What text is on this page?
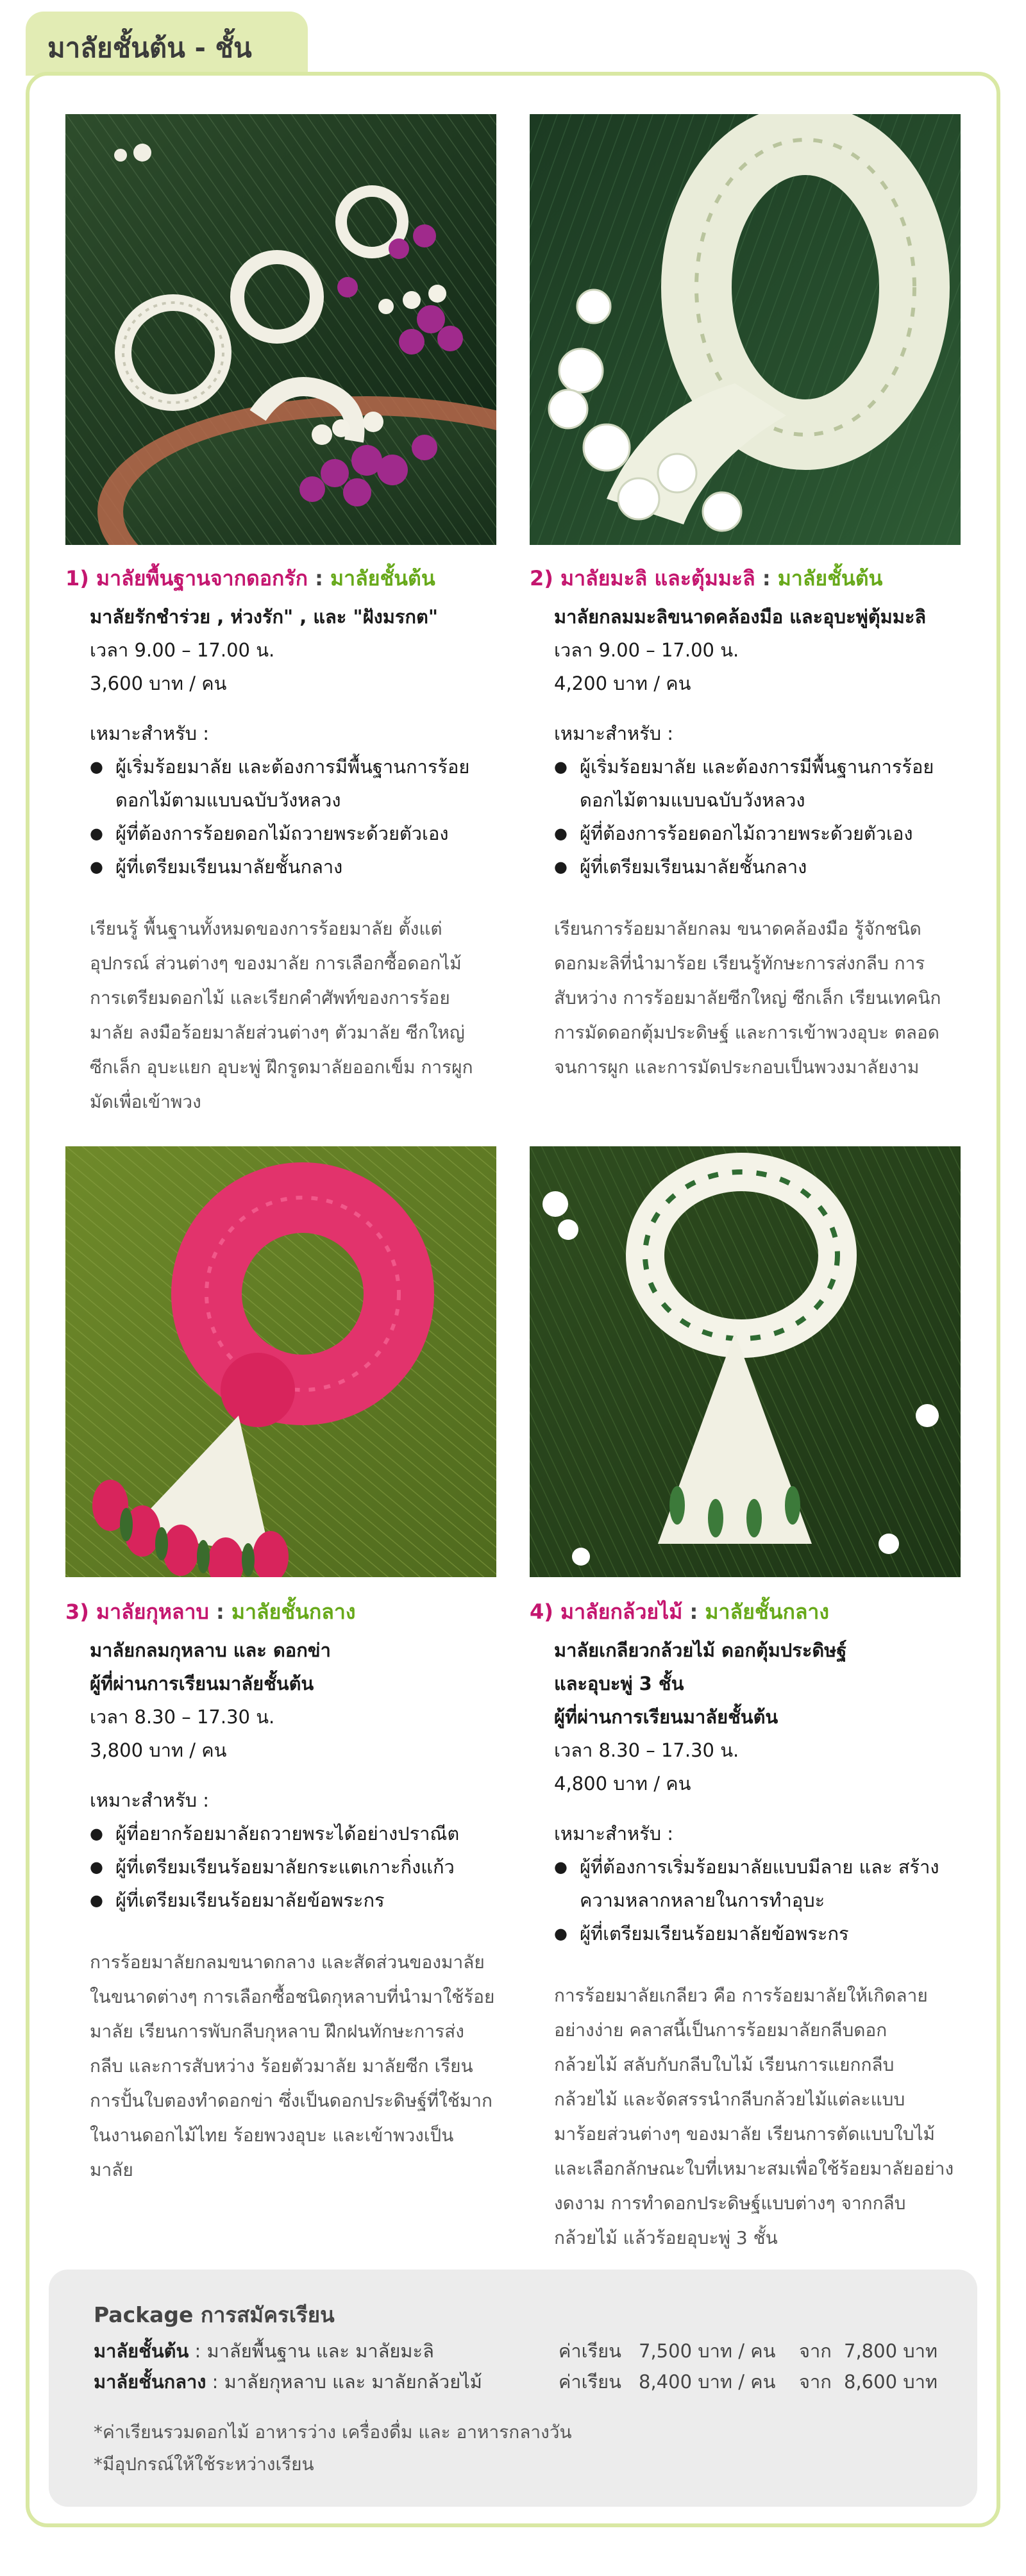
มาลัยชั้นต้น - ชั้น
1) มาลัยพื้นฐานจากดอกรัก : มาลัยชั้นต้น
มาลัยรักชำร่วย , ห่วงรัก" , และ "ฝังมรกต"
เวลา 9.00 – 17.00 น.
3,600 บาท / คน
เหมาะสำหรับ :
● ผู้เริ่มร้อยมาลัย และต้องการมีพื้นฐานการร้อย ดอกไม้ตามแบบฉบับวังหลวง
● ผู้ที่ต้องการร้อยดอกไม้ถวายพระด้วยตัวเอง
● ผู้ที่เตรียมเรียนมาลัยชั้นกลาง
เรียนรู้ พื้นฐานทั้งหมดของการร้อยมาลัย ตั้งแต่
อุปกรณ์ ส่วนต่างๆ ของมาลัย การเลือกซื้อดอกไม้
การเตรียมดอกไม้ และเรียกคำศัพท์ของการร้อย
มาลัย ลงมือร้อยมาลัยส่วนต่างๆ ตัวมาลัย ซีกใหญ่
ซีกเล็ก อุบะแยก อุบะพู่ ฝึกรูดมาลัยออกเข็ม การผูก
มัดเพื่อเข้าพวง
2) มาลัยมะลิ และตุ้มมะลิ : มาลัยชั้นต้น
มาลัยกลมมะลิขนาดคล้องมือ และอุบะพู่ตุ้มมะลิ
เวลา 9.00 – 17.00 น.
4,200 บาท / คน
เหมาะสำหรับ :
● ผู้เริ่มร้อยมาลัย และต้องการมีพื้นฐานการร้อย ดอกไม้ตามแบบฉบับวังหลวง
● ผู้ที่ต้องการร้อยดอกไม้ถวายพระด้วยตัวเอง
● ผู้ที่เตรียมเรียนมาลัยชั้นกลาง
เรียนการร้อยมาลัยกลม ขนาดคล้องมือ รู้จักชนิด
ดอกมะลิที่นำมาร้อย เรียนรู้ทักษะการส่งกลีบ การ
สับหว่าง การร้อยมาลัยซีกใหญ่ ซีกเล็ก เรียนเทคนิก
การมัดดอกตุ้มประดิษฐ์ และการเข้าพวงอุบะ ตลอด
จนการผูก และการมัดประกอบเป็นพวงมาลัยงาม
3) มาลัยกุหลาบ : มาลัยชั้นกลาง
มาลัยกลมกุหลาบ และ ดอกข่า
ผู้ที่ผ่านการเรียนมาลัยชั้นต้น
เวลา 8.30 – 17.30 น.
3,800 บาท / คน
เหมาะสำหรับ :
● ผู้ที่อยากร้อยมาลัยถวายพระได้อย่างปราณีต
● ผู้ที่เตรียมเรียนร้อยมาลัยกระแตเกาะกิ่งแก้ว
● ผู้ที่เตรียมเรียนร้อยมาลัยข้อพระกร
การร้อยมาลัยกลมขนาดกลาง และสัดส่วนของมาลัย
ในขนาดต่างๆ การเลือกซื้อชนิดกุหลาบที่นำมาใช้ร้อย
มาลัย เรียนการพับกลีบกุหลาบ ฝึกฝนทักษะการส่ง
กลีบ และการสับหว่าง ร้อยตัวมาลัย มาลัยซีก เรียน
การปั้นใบตองทำดอกข่า ซึ่งเป็นดอกประดิษฐ์ที่ใช้มาก
ในงานดอกไม้ไทย ร้อยพวงอุบะ และเข้าพวงเป็น
มาลัย
4) มาลัยกล้วยไม้ : มาลัยชั้นกลาง
มาลัยเกลียวกล้วยไม้ ดอกตุ้มประดิษฐ์
และอุบะพู่ 3 ชั้น
ผู้ที่ผ่านการเรียนมาลัยชั้นต้น
เวลา 8.30 – 17.30 น.
4,800 บาท / คน
เหมาะสำหรับ :
● ผู้ที่ต้องการเริ่มร้อยมาลัยแบบมีลาย และ สร้าง ความหลากหลายในการทำอุบะ
● ผู้ที่เตรียมเรียนร้อยมาลัยข้อพระกร
การร้อยมาลัยเกลียว คือ การร้อยมาลัยให้เกิดลาย
อย่างง่าย คลาสนี้เป็นการร้อยมาลัยกลีบดอก
กล้วยไม้ สลับกับกลีบใบไม้ เรียนการแยกกลีบ
กล้วยไม้ และจัดสรรนำกลีบกล้วยไม้แต่ละแบบ
มาร้อยส่วนต่างๆ ของมาลัย เรียนการตัดแบบใบไม้
และเลือกลักษณะใบที่เหมาะสมเพื่อใช้ร้อยมาลัยอย่าง
งดงาม การทำดอกประดิษฐ์แบบต่างๆ จากกลีบ
กล้วยไม้ แล้วร้อยอุบะพู่ 3 ชั้น
Package การสมัครเรียน
มาลัยชั้นต้น : มาลัยพื้นฐาน และ มาลัยมะลิ	ค่าเรียน 7,500 บาท / คน จาก 7,800 บาท
มาลัยชั้นกลาง : มาลัยกุหลาบ และ มาลัยกล้วยไม้	ค่าเรียน 8,400 บาท / คน จาก 8,600 บาท
*ค่าเรียนรวมดอกไม้ อาหารว่าง เครื่องดื่ม และ อาหารกลางวัน
*มีอุปกรณ์ให้ใช้ระหว่างเรียน
